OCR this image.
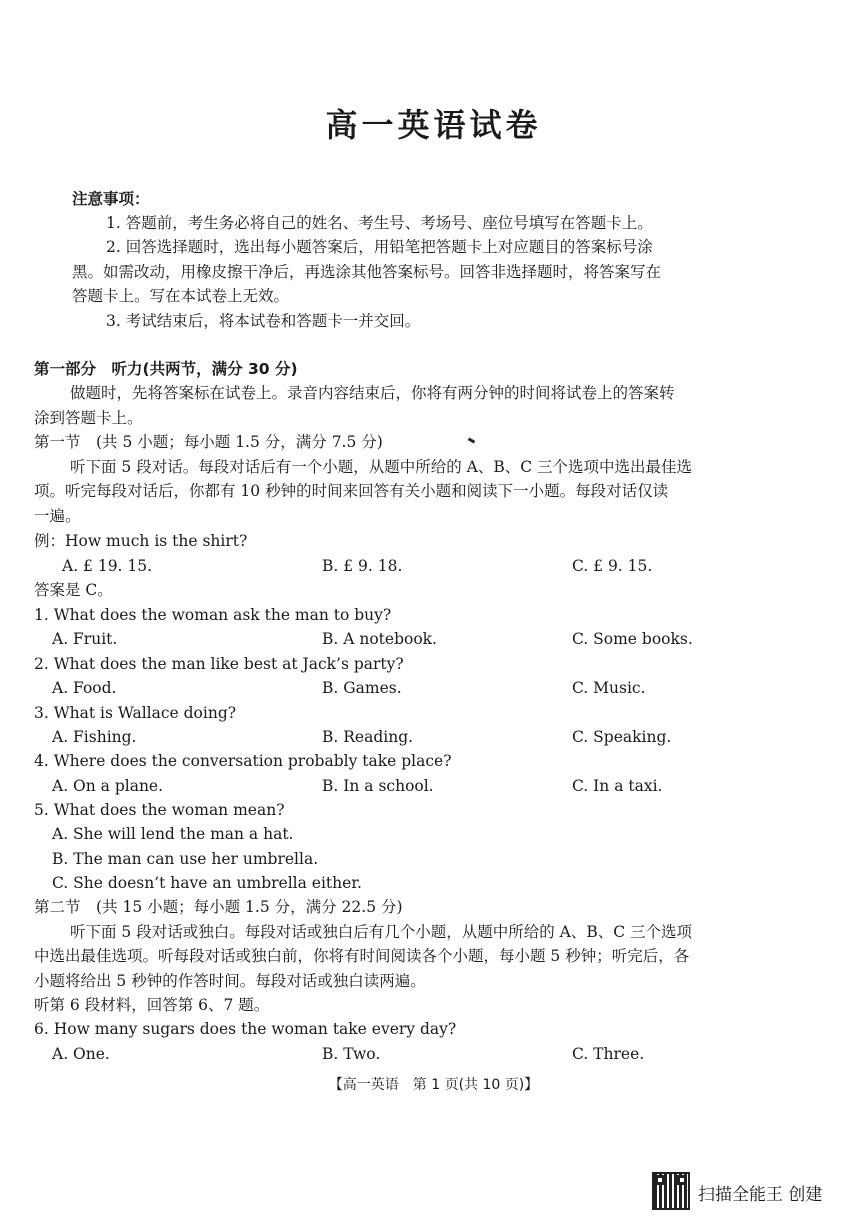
高一英语试卷
注意事项：
1. 答题前，考生务必将自己的姓名、考生号、考场号、座位号填写在答题卡上。
2. 回答选择题时，选出每小题答案后，用铅笔把答题卡上对应题目的答案标号涂
黑。如需改动，用橡皮擦干净后，再选涂其他答案标号。回答非选择题时，将答案写在
答题卡上。写在本试卷上无效。
3. 考试结束后，将本试卷和答题卡一并交回。
第一部分　听力(共两节，满分 30 分)
做题时，先将答案标在试卷上。录音内容结束后，你将有两分钟的时间将试卷上的答案转
涂到答题卡上。
第一节　(共 5 小题；每小题 1.5 分，满分 7.5 分)
听下面 5 段对话。每段对话后有一个小题，从题中所给的 A、B、C 三个选项中选出最佳选
项。听完每段对话后，你都有 10 秒钟的时间来回答有关小题和阅读下一小题。每段对话仅读
一遍。
例：How much is the shirt?
A. £ 19. 15.	B. £ 9. 18.	C. £ 9. 15.
答案是 C。
1. What does the woman ask the man to buy?
A. Fruit.	B. A notebook.	C. Some books.
2. What does the man like best at Jack’s party?
A. Food.	B. Games.	C. Music.
3. What is Wallace doing?
A. Fishing.	B. Reading.	C. Speaking.
4. Where does the conversation probably take place?
A. On a plane.	B. In a school.	C. In a taxi.
5. What does the woman mean?
A. She will lend the man a hat.
B. The man can use her umbrella.
C. She doesn’t have an umbrella either.
第二节　(共 15 小题；每小题 1.5 分，满分 22.5 分)
听下面 5 段对话或独白。每段对话或独白后有几个小题，从题中所给的 A、B、C 三个选项
中选出最佳选项。听每段对话或独白前，你将有时间阅读各个小题，每小题 5 秒钟；听完后，各
小题将给出 5 秒钟的作答时间。每段对话或独白读两遍。
听第 6 段材料，回答第 6、7 题。
6. How many sugars does the woman take every day?
A. One.	B. Two.	C. Three.
【高一英语　第 1 页(共 10 页)】
扫描全能王 创建
